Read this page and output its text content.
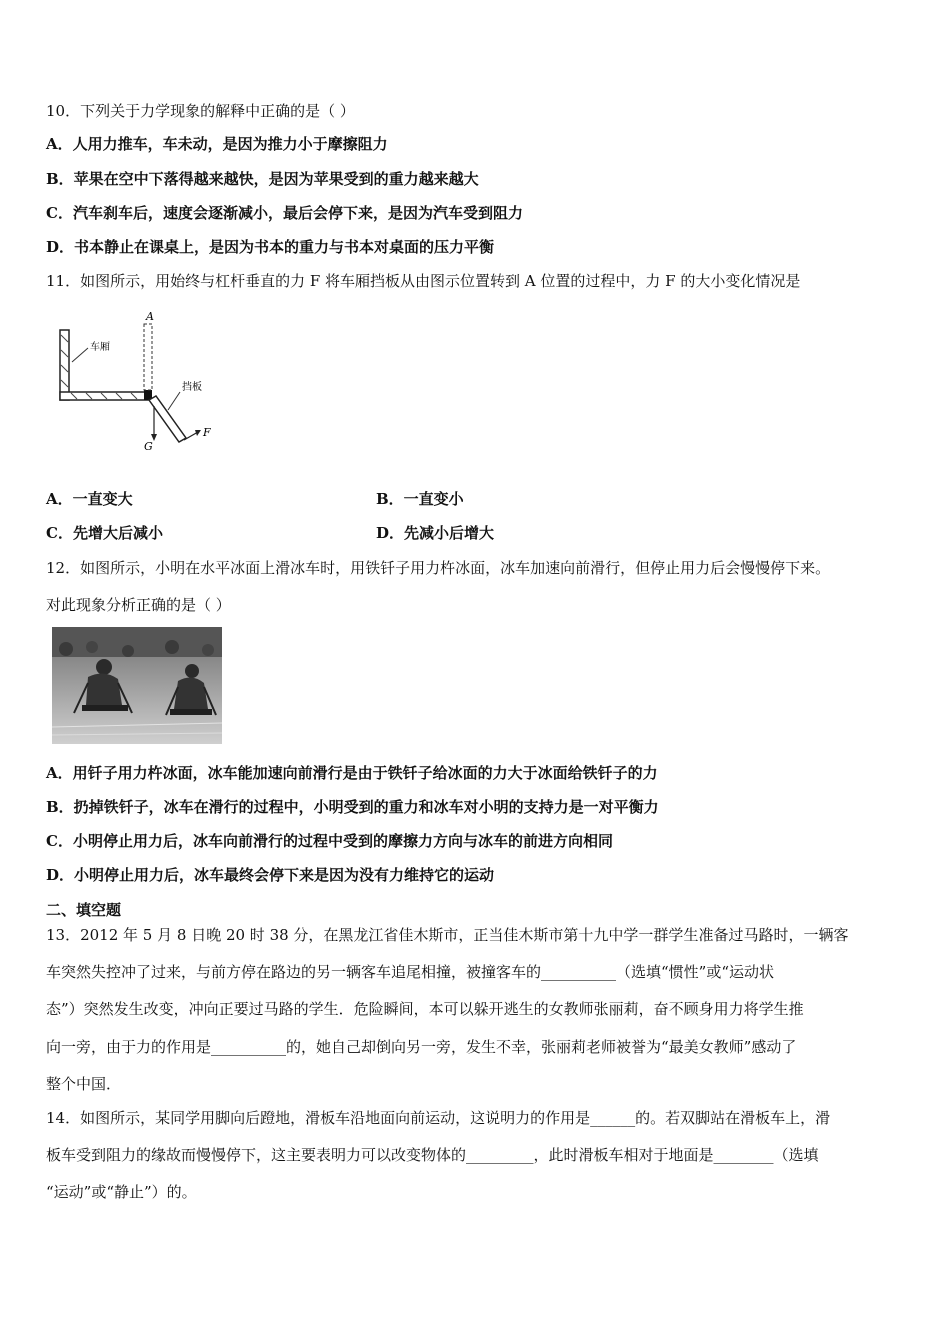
10．下列关于力学现象的解释中正确的是（ ）
A．人用力推车，车未动，是因为推力小于摩擦阻力
B．苹果在空中下落得越来越快，是因为苹果受到的重力越来越大
C．汽车刹车后，速度会逐渐减小，最后会停下来，是因为汽车受到阻力
D．书本静止在课桌上，是因为书本的重力与书本对桌面的压力平衡
11．如图所示，用始终与杠杆垂直的力 F 将车厢挡板从由图示位置转到 A 位置的过程中，力 F 的大小变化情况是
A
车厢
挡板
G
F
A．一直变大	B．一直变小
C．先增大后减小	D．先减小后增大
12．如图所示，小明在水平冰面上滑冰车时，用铁钎子用力杵冰面，冰车加速向前滑行，但停止用力后会慢慢停下来。
对此现象分析正确的是（ ）
A．用钎子用力杵冰面，冰车能加速向前滑行是由于铁钎子给冰面的力大于冰面给铁钎子的力
B．扔掉铁钎子，冰车在滑行的过程中，小明受到的重力和冰车对小明的支持力是一对平衡力
C．小明停止用力后，冰车向前滑行的过程中受到的摩擦力方向与冰车的前进方向相同
D．小明停止用力后，冰车最终会停下来是因为没有力维持它的运动
二、填空题
13．2012 年 5 月 8 日晚 20 时 38 分，在黑龙江省佳木斯市，正当佳木斯市第十九中学一群学生准备过马路时，一辆客
车突然失控冲了过来，与前方停在路边的另一辆客车追尾相撞，被撞客车的__________（选填“惯性”或“运动状
态”）突然发生改变，冲向正要过马路的学生．危险瞬间，本可以躲开逃生的女教师张丽莉，奋不顾身用力将学生推
向一旁，由于力的作用是__________的，她自己却倒向另一旁，发生不幸，张丽莉老师被誉为“最美女教师”感动了
整个中国．
14．如图所示，某同学用脚向后蹬地，滑板车沿地面向前运动，这说明力的作用是______的。若双脚站在滑板车上，滑
板车受到阻力的缘故而慢慢停下，这主要表明力可以改变物体的_________，此时滑板车相对于地面是________（选填
“运动”或“静止”）的。
